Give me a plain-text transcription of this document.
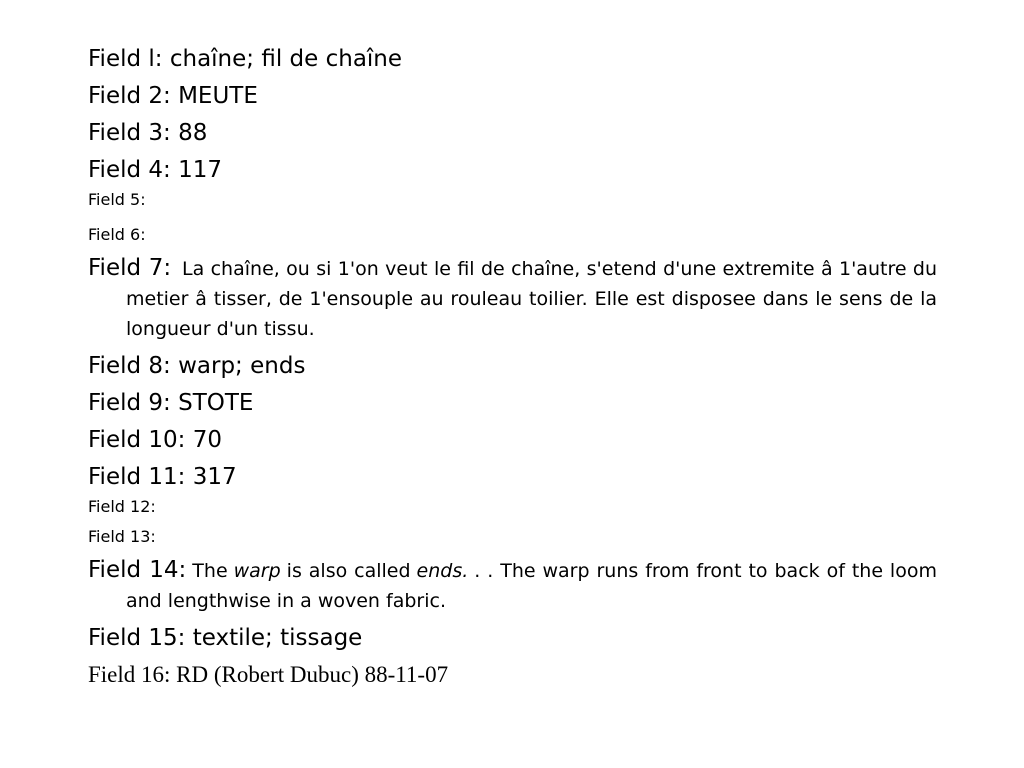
Field l: chaîne; fil de chaîne

Field 2: MEUTE

Field 3: 88

Field 4: 117

Field 5:

Field 6:

Field 7: La chaîne, ou si 1'on veut le fil de chaîne, s'etend d'une extremite â 1'autre du metier â tisser, de 1'ensouple au rouleau toilier. Elle est disposee dans le sens de la longueur d'un tissu.

Field 8: warp; ends

Field 9: STOTE

Field 10: 70

Field 11: 317

Field 12:

Field 13:

Field 14: The warp is also called ends. . . The warp runs from front to back of the loom and lengthwise in a woven fabric.

Field 15: textile; tissage

Field 16: RD (Robert Dubuc) 88-11-07
